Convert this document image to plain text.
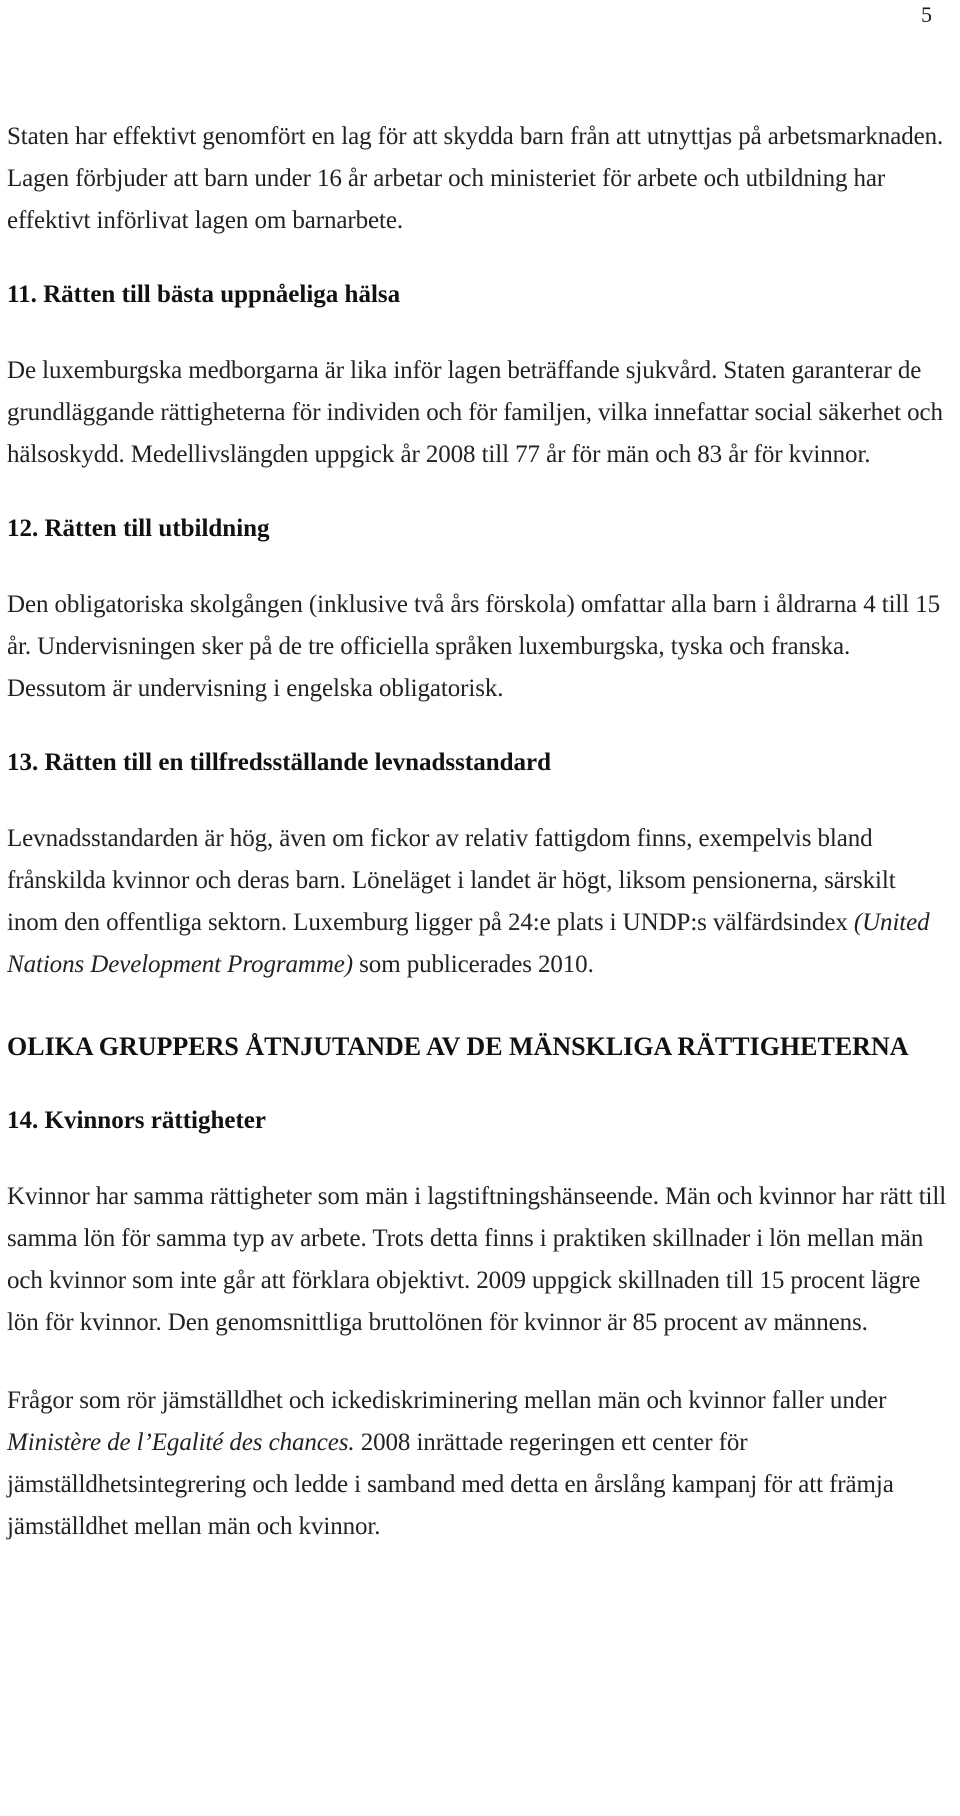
5

Staten har effektivt genomfört en lag för att skydda barn från att utnyttjas på arbetsmarknaden. Lagen förbjuder att barn under 16 år arbetar och ministeriet för arbete och utbildning har effektivt införlivat lagen om barnarbete.

11. Rätten till bästa uppnåeliga hälsa

De luxemburgska medborgarna är lika inför lagen beträffande sjukvård. Staten garanterar de grundläggande rättigheterna för individen och för familjen, vilka innefattar social säkerhet och hälsoskydd. Medellivslängden uppgick år 2008 till 77 år för män och 83 år för kvinnor.

12. Rätten till utbildning

Den obligatoriska skolgången (inklusive två års förskola) omfattar alla barn i åldrarna 4 till 15 år. Undervisningen sker på de tre officiella språken luxemburgska, tyska och franska. Dessutom är undervisning i engelska obligatorisk.

13. Rätten till en tillfredsställande levnadsstandard

Levnadsstandarden är hög, även om fickor av relativ fattigdom finns, exempelvis bland frånskilda kvinnor och deras barn. Löneläget i landet är högt, liksom pensionerna, särskilt inom den offentliga sektorn. Luxemburg ligger på 24:e plats i UNDP:s välfärdsindex (United Nations Development Programme) som publicerades 2010.

OLIKA GRUPPERS ÅTNJUTANDE AV DE MÄNSKLIGA RÄTTIGHETERNA
14. Kvinnors rättigheter

Kvinnor har samma rättigheter som män i lagstiftningshänseende. Män och kvinnor har rätt till samma lön för samma typ av arbete. Trots detta finns i praktiken skillnader i lön mellan män och kvinnor som inte går att förklara objektivt. 2009 uppgick skillnaden till 15 procent lägre lön för kvinnor. Den genomsnittliga bruttolönen för kvinnor är 85 procent av männens.

Frågor som rör jämställdhet och ickediskriminering mellan män och kvinnor faller under Ministère de l’Egalité des chances. 2008 inrättade regeringen ett center för jämställdhetsintegrering och ledde i samband med detta en årslång kampanj för att främja jämställdhet mellan män och kvinnor.
